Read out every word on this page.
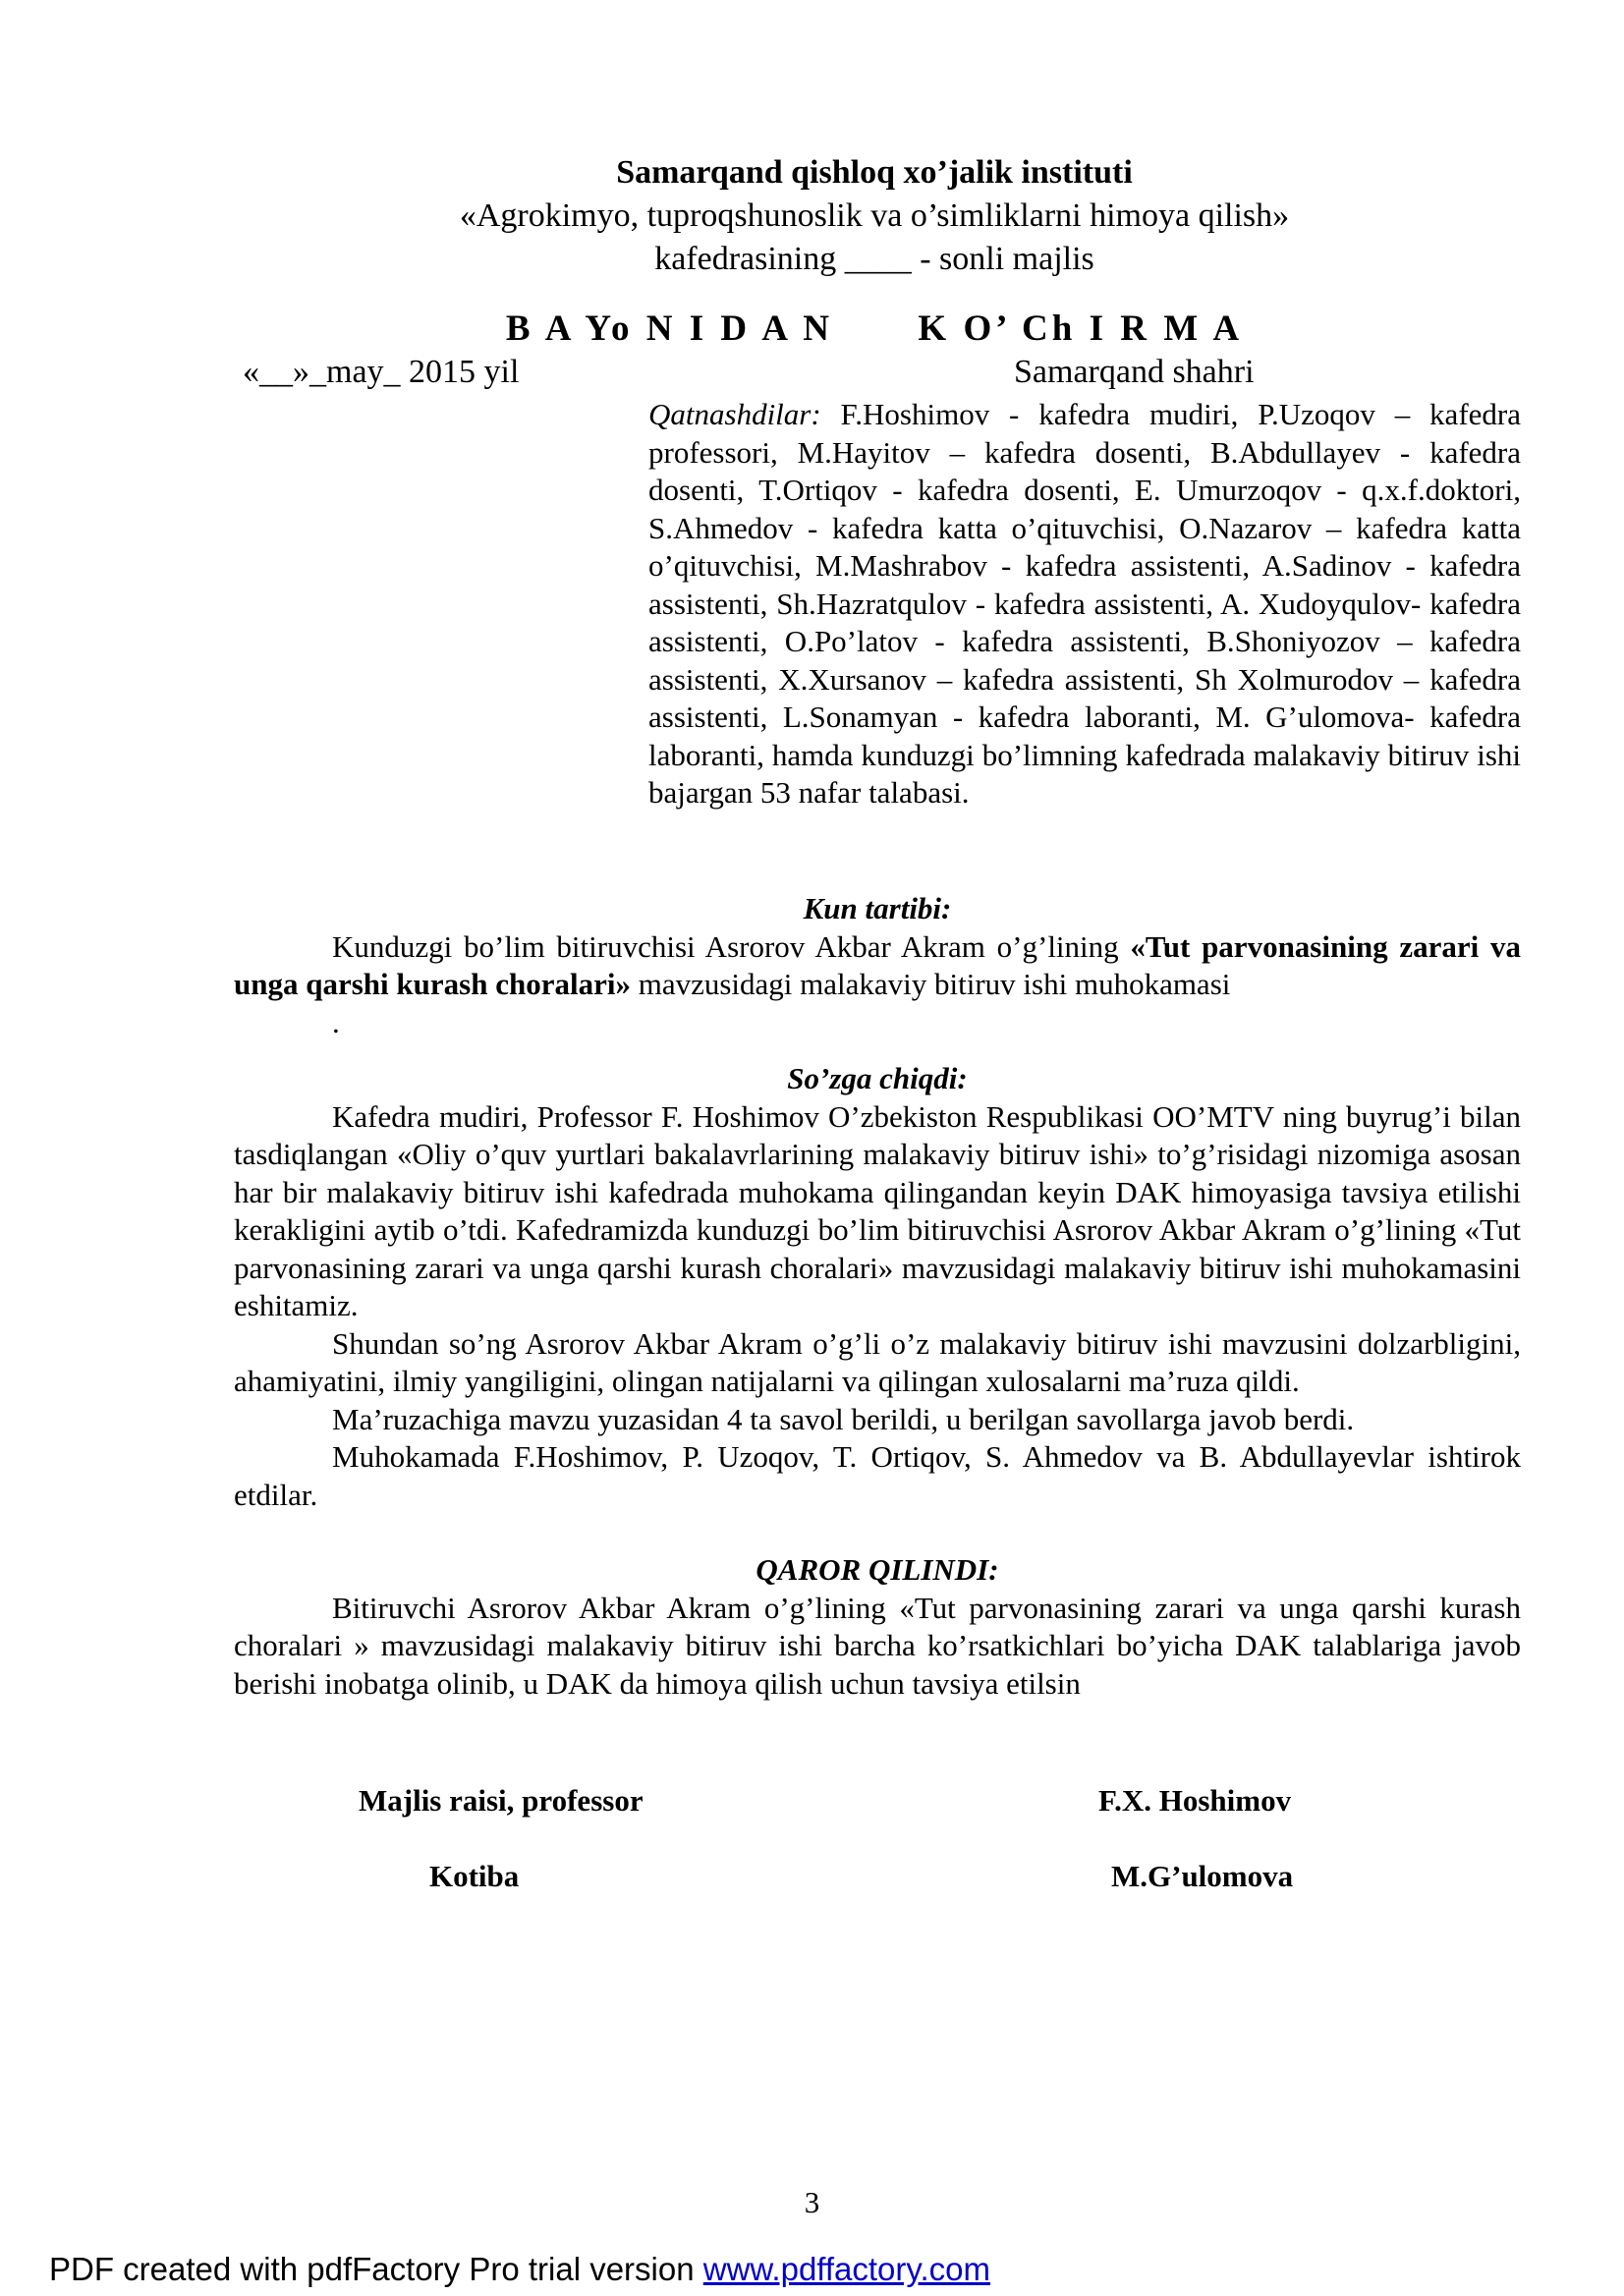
Samarqand qishloq xo’jalik instituti
«Agrokimyo, tuproqshunoslik va o’simliklarni himoya qilish»
kafedrasining ____ - sonli majlis
B A Yo N I D A N K O’ Ch I R M A
«__»_may_ 2015 yil	Samarqand shahri
Qatnashdilar: F.Hoshimov - kafedra mudiri, P.Uzoqov – kafedra professori, M.Hayitov – kafedra dosenti, B.Abdullayev - kafedra dosenti, T.Ortiqov - kafedra dosenti, E. Umurzoqov - q.x.f.doktori, S.Ahmedov - kafedra katta o’qituvchisi, O.Nazarov – kafedra katta o’qituvchisi, M.Mashrabov - kafedra assistenti, A.Sadinov - kafedra assistenti, Sh.Hazratqulov - kafedra assistenti, A. Xudoyqulov- kafedra assistenti, O.Po’latov - kafedra assistenti, B.Shoniyozov – kafedra assistenti, X.Xursanov – kafedra assistenti, Sh Xolmurodov – kafedra assistenti, L.Sonamyan - kafedra laboranti, M. G’ulomova- kafedra laboranti, hamda kunduzgi bo’limning kafedrada malakaviy bitiruv ishi bajargan 53 nafar talabasi.

Kun tartibi:

Kunduzgi bo’lim bitiruvchisi Asrorov Akbar Akram o’g’lining «Tut parvonasining zarari va unga qarshi kurash choralari» mavzusidagi malakaviy bitiruv ishi muhokamasi

.

So’zga chiqdi:

Kafedra mudiri, Professor F. Hoshimov O’zbekiston Respublikasi OO’MTV ning buyrug’i bilan tasdiqlangan «Oliy o’quv yurtlari bakalavrlarining malakaviy bitiruv ishi» to’g’risidagi nizomiga asosan har bir malakaviy bitiruv ishi kafedrada muhokama qilingandan keyin DAK himoyasiga tavsiya etilishi kerakligini aytib o’tdi. Kafedramizda kunduzgi bo’lim bitiruvchisi Asrorov Akbar Akram o’g’lining «Tut parvonasining zarari va unga qarshi kurash choralari» mavzusidagi malakaviy bitiruv ishi muhokamasini eshitamiz.

Shundan so’ng Asrorov Akbar Akram o’g’li o’z malakaviy bitiruv ishi mavzusini dolzarbligini, ahamiyatini, ilmiy yangiligini, olingan natijalarni va qilingan xulosalarni ma’ruza qildi.

Ma’ruzachiga mavzu yuzasidan 4 ta savol berildi, u berilgan savollarga javob berdi.

Muhokamada F.Hoshimov, P. Uzoqov, T. Ortiqov, S. Ahmedov va B. Abdullayevlar ishtirok etdilar.

QAROR QILINDI:

Bitiruvchi Asrorov Akbar Akram o’g’lining «Tut parvonasining zarari va unga qarshi kurash choralari » mavzusidagi malakaviy bitiruv ishi barcha ko’rsatkichlari bo’yicha DAK talablariga javob berishi inobatga olinib, u DAK da himoya qilish uchun tavsiya etilsin

Majlis raisi, professor	F.X. Hoshimov
Kotiba	M.G’ulomova
3
PDF created with pdfFactory Pro trial version www.pdffactory.com
